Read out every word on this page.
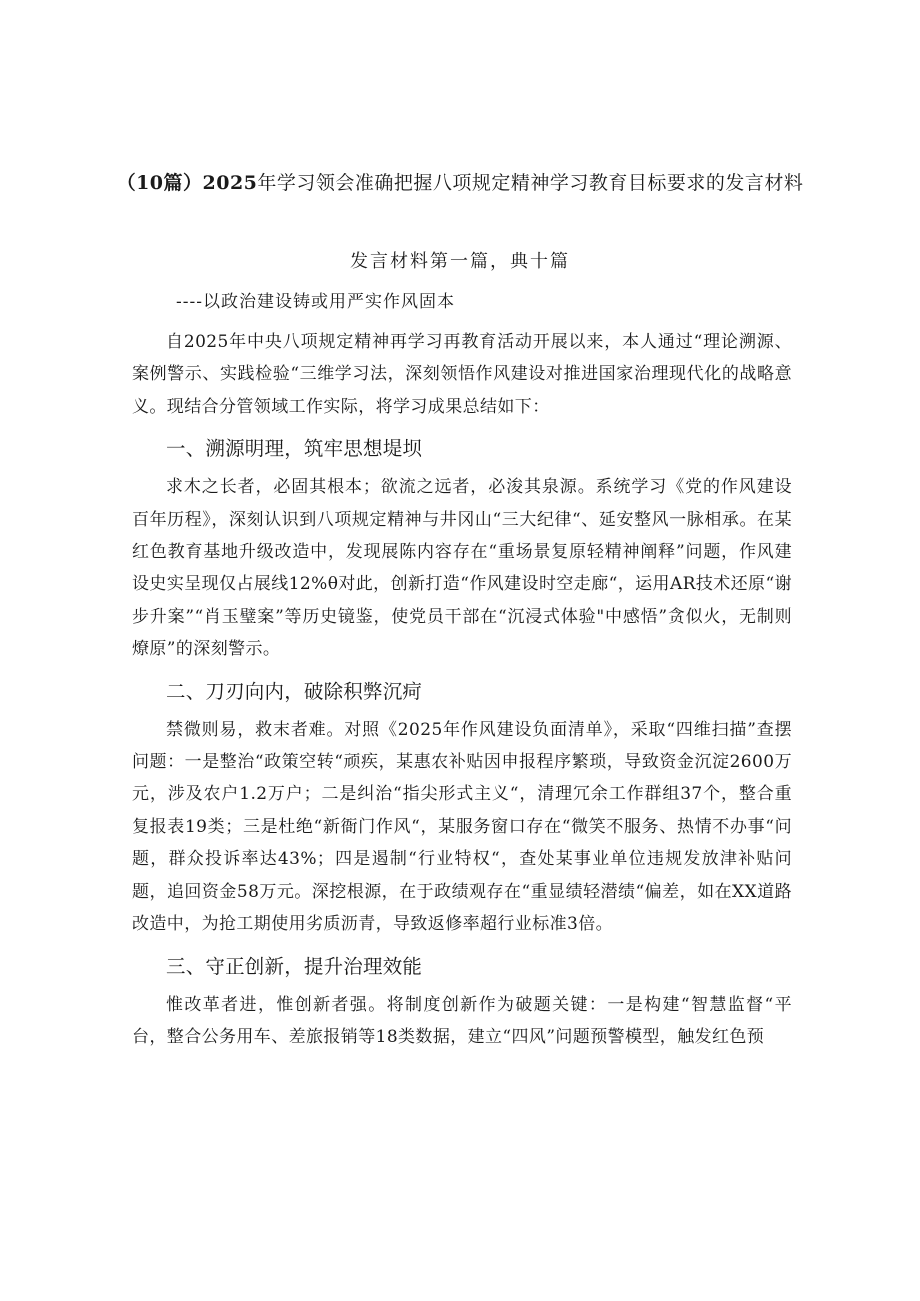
（10篇）2025年学习领会准确把握八项规定精神学习教育目标要求的发言材料
发言材料第一篇，典十篇
----以政治建设铸或用严实作风固本

自2025年中央八项规定精神再学习再教育活动开展以来，本人通过“理论溯源、案例警示、实践检验“三维学习法，深刻领悟作风建设对推进国家治理现代化的战略意义。现结合分管领域工作实际，将学习成果总结如下：

一、溯源明理，筑牢思想堤坝

求木之长者，必固其根本；欲流之远者，必浚其泉源。系统学习《党的作风建设百年历程》，深刻认识到八项规定精神与井冈山“三大纪律“、延安整风一脉相承。在某红色教育基地升级改造中，发现展陈内容存在“重场景复原轻精神阐释”问题，作风建设史实呈现仅占展线12%θ对此，创新打造“作风建设时空走廊“，运用AR技术还原“谢步升案”“肖玉璧案”等历史镜鉴，使党员干部在“沉浸式体验"中感悟”贪似火，无制则燎原”的深刻警示。

二、刀刃向内，破除积弊沉疴

禁微则易，救末者难。对照《2025年作风建设负面清单》，采取“四维扫描”查摆问题：一是整治“政策空转“顽疾，某惠农补贴因申报程序繁琐，导致资金沉淀2600万元，涉及农户1.2万户；二是纠治“指尖形式主义“，清理冗余工作群组37个，整合重复报表19类；三是杜绝“新衙门作风“，某服务窗口存在“微笑不服务、热情不办事“问题，群众投诉率达43%；四是遏制“行业特权“，查处某事业单位违规发放津补贴问题，追回资金58万元。深挖根源，在于政绩观存在“重显绩轻潜绩“偏差，如在XX道路改造中，为抢工期使用劣质沥青，导致返修率超行业标准3倍。

三、守正创新，提升治理效能

惟改革者进，惟创新者强。将制度创新作为破题关键：一是构建“智慧监督“平台，整合公务用车、差旅报销等18类数据，建立“四风”问题预警模型，触发红色预
